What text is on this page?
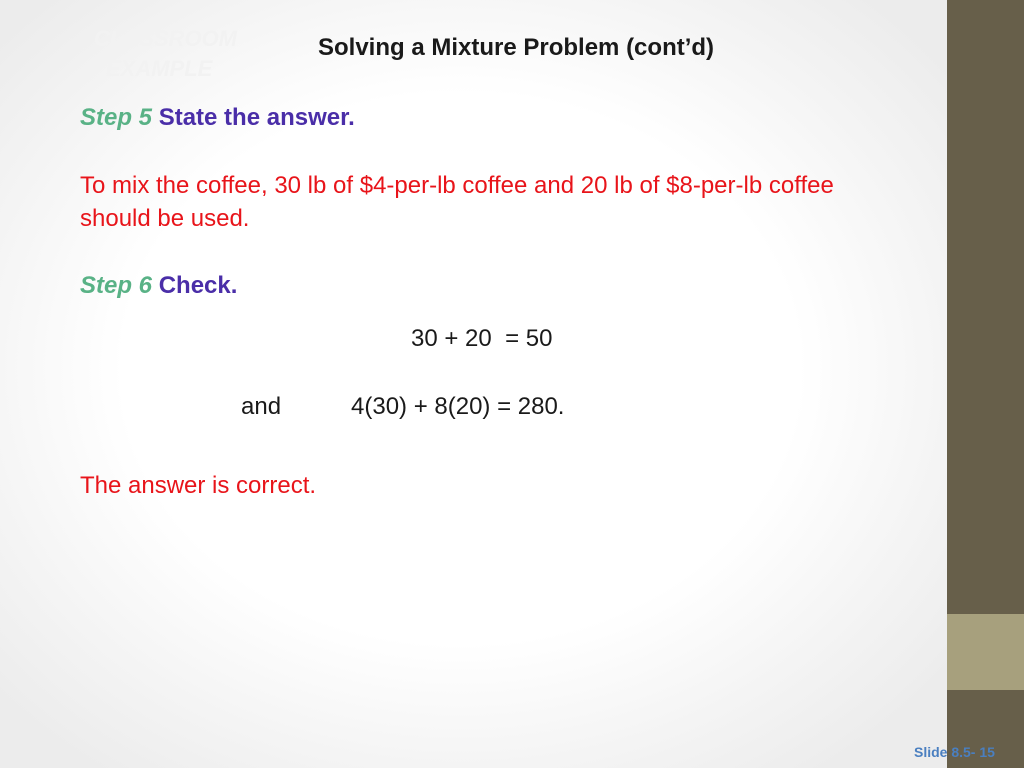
CLASSROOM
EXAMPLE
Solving a Mixture Problem (cont’d)
Step 5 State the answer.
To mix the coffee, 30 lb of $4-per-lb coffee and 20 lb of $8-per-lb coffee should be used.
Step 6 Check.
30 + 20  = 50
and	4(30) + 8(20) = 280.
The answer is correct.
Slide 8.5- 15
